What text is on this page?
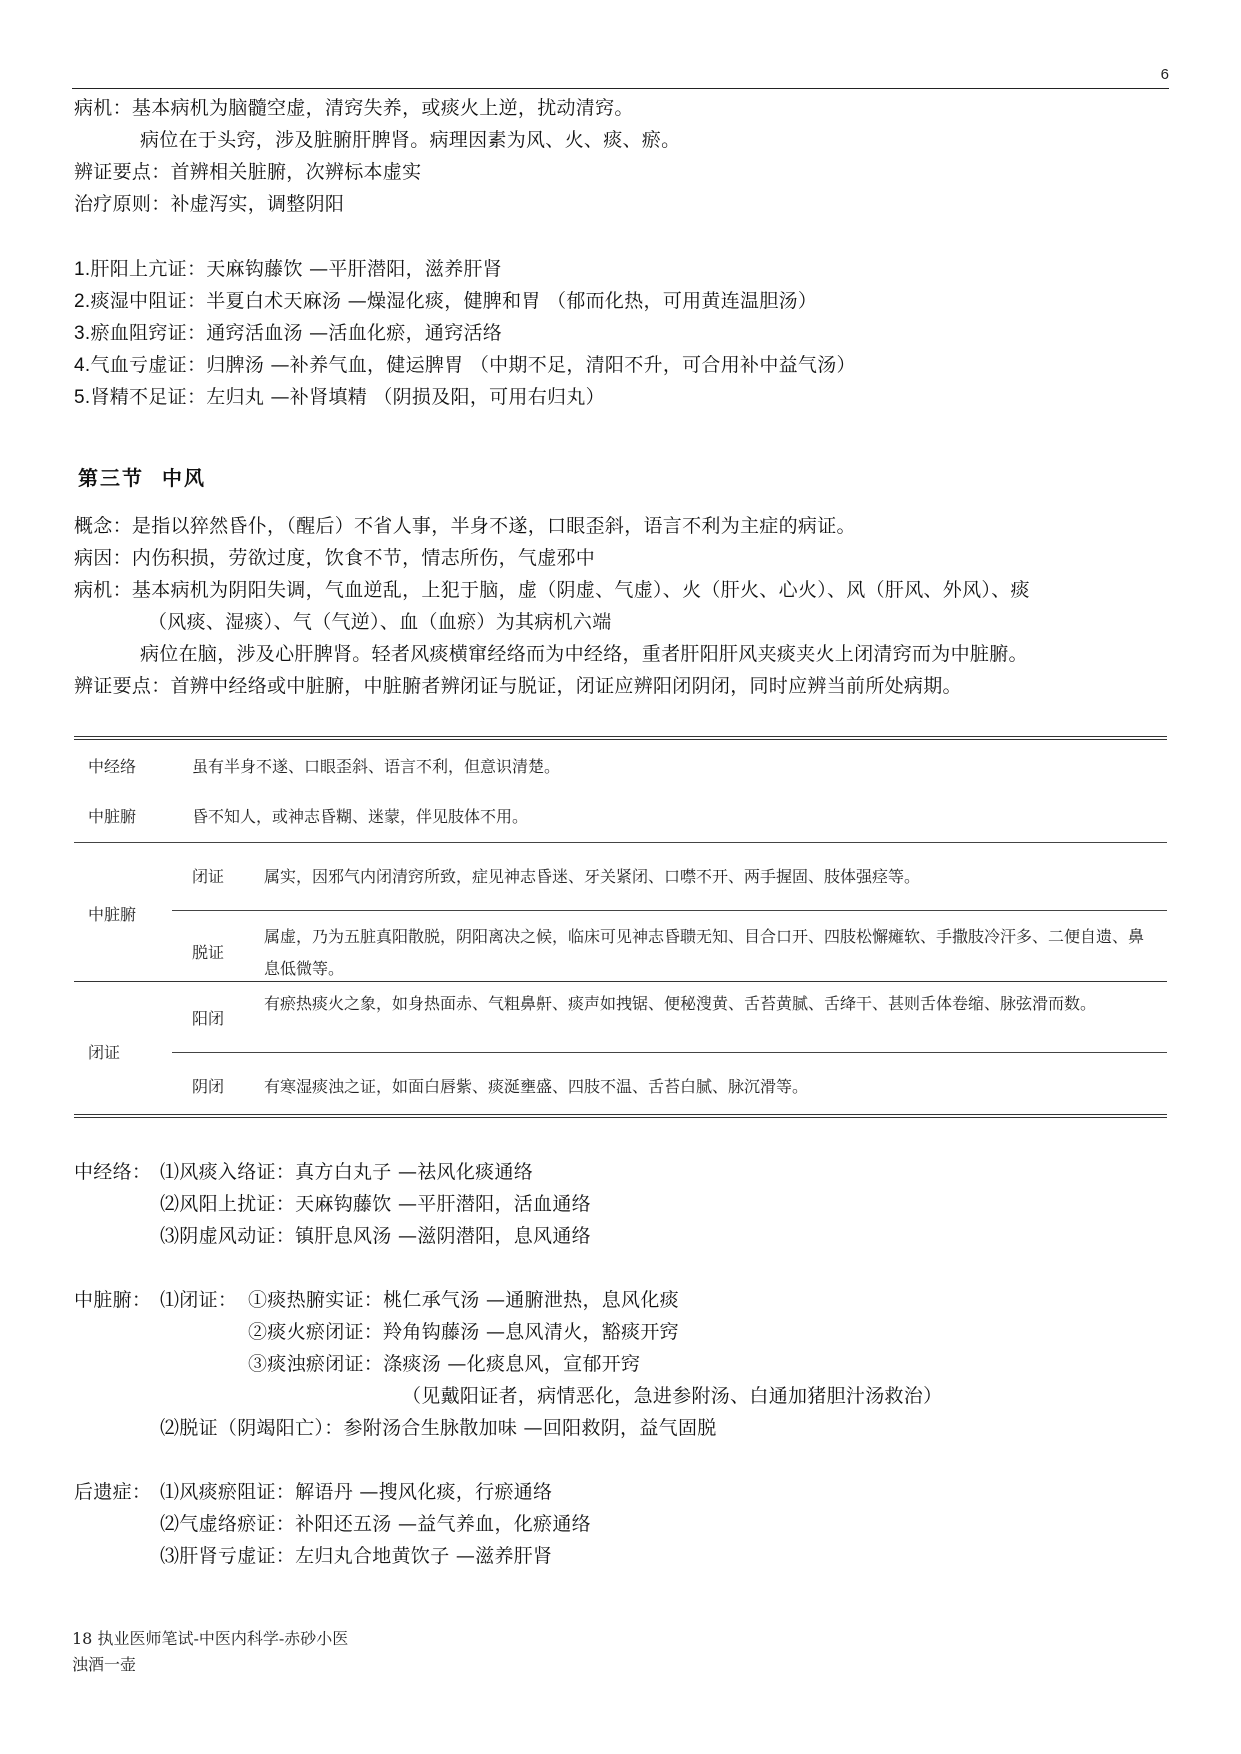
6
病机：基本病机为脑髓空虚，清窍失养，或痰火上逆，扰动清窍。
病位在于头窍，涉及脏腑肝脾肾。病理因素为风、火、痰、瘀。
辨证要点：首辨相关脏腑，次辨标本虚实
治疗原则：补虚泻实，调整阴阳
1.肝阳上亢证：天麻钩藤饮 —平肝潜阳，滋养肝肾
2.痰湿中阻证：半夏白术天麻汤 —燥湿化痰，健脾和胃 （郁而化热，可用黄连温胆汤）
3.瘀血阻窍证：通窍活血汤 —活血化瘀，通窍活络
4.气血亏虚证：归脾汤 —补养气血，健运脾胃 （中期不足，清阳不升，可合用补中益气汤）
5.肾精不足证：左归丸 —补肾填精 （阴损及阳，可用右归丸）
第三节 中风
概念：是指以猝然昏仆，（醒后）不省人事，半身不遂，口眼歪斜，语言不利为主症的病证。
病因：内伤积损，劳欲过度，饮食不节，情志所伤，气虚邪中
病机：基本病机为阴阳失调，气血逆乱，上犯于脑，虚（阴虚、气虚）、火（肝火、心火）、风（肝风、外风）、痰
（风痰、湿痰）、气（气逆）、血（血瘀）为其病机六端
病位在脑，涉及心肝脾肾。轻者风痰横窜经络而为中经络，重者肝阳肝风夹痰夹火上闭清窍而为中脏腑。
辨证要点：首辨中经络或中脏腑，中脏腑者辨闭证与脱证，闭证应辨阳闭阴闭，同时应辨当前所处病期。
中经络	虽有半身不遂、口眼歪斜、语言不利，但意识清楚。
中脏腑	昏不知人，或神志昏糊、迷蒙，伴见肢体不用。
中脏腑
闭证 属实，因邪气内闭清窍所致，症见神志昏迷、牙关紧闭、口噤不开、两手握固、肢体强痉等。
脱证
属虚，乃为五脏真阳散脱，阴阳离决之候，临床可见神志昏聩无知、目合口开、四肢松懈瘫软、手撒肢冷汗多、二便自遗、鼻息低微等。
闭证
阳闭
有瘀热痰火之象，如身热面赤、气粗鼻鼾、痰声如拽锯、便秘溲黄、舌苔黄腻、舌绛干、甚则舌体卷缩、脉弦滑而数。
阴闭 有寒湿痰浊之证，如面白唇紫、痰涎壅盛、四肢不温、舌苔白腻、脉沉滑等。
中经络： ⑴风痰入络证：真方白丸子 —祛风化痰通络
⑵风阳上扰证：天麻钩藤饮 —平肝潜阳，活血通络
⑶阴虚风动证：镇肝息风汤 —滋阴潜阳，息风通络
中脏腑： ⑴闭证： ①痰热腑实证：桃仁承气汤 —通腑泄热，息风化痰
②痰火瘀闭证：羚角钩藤汤 —息风清火，豁痰开窍
③痰浊瘀闭证：涤痰汤 —化痰息风，宣郁开窍
（见戴阳证者，病情恶化，急进参附汤、白通加猪胆汁汤救治）
⑵脱证（阴竭阳亡）：参附汤合生脉散加味 —回阳救阴，益气固脱
后遗症： ⑴风痰瘀阻证：解语丹 —搜风化痰，行瘀通络
⑵气虚络瘀证：补阳还五汤 —益气养血，化瘀通络
⑶肝肾亏虚证：左归丸合地黄饮子 —滋养肝肾
18 执业医师笔试-中医内科学-赤砂小医
浊酒一壶
